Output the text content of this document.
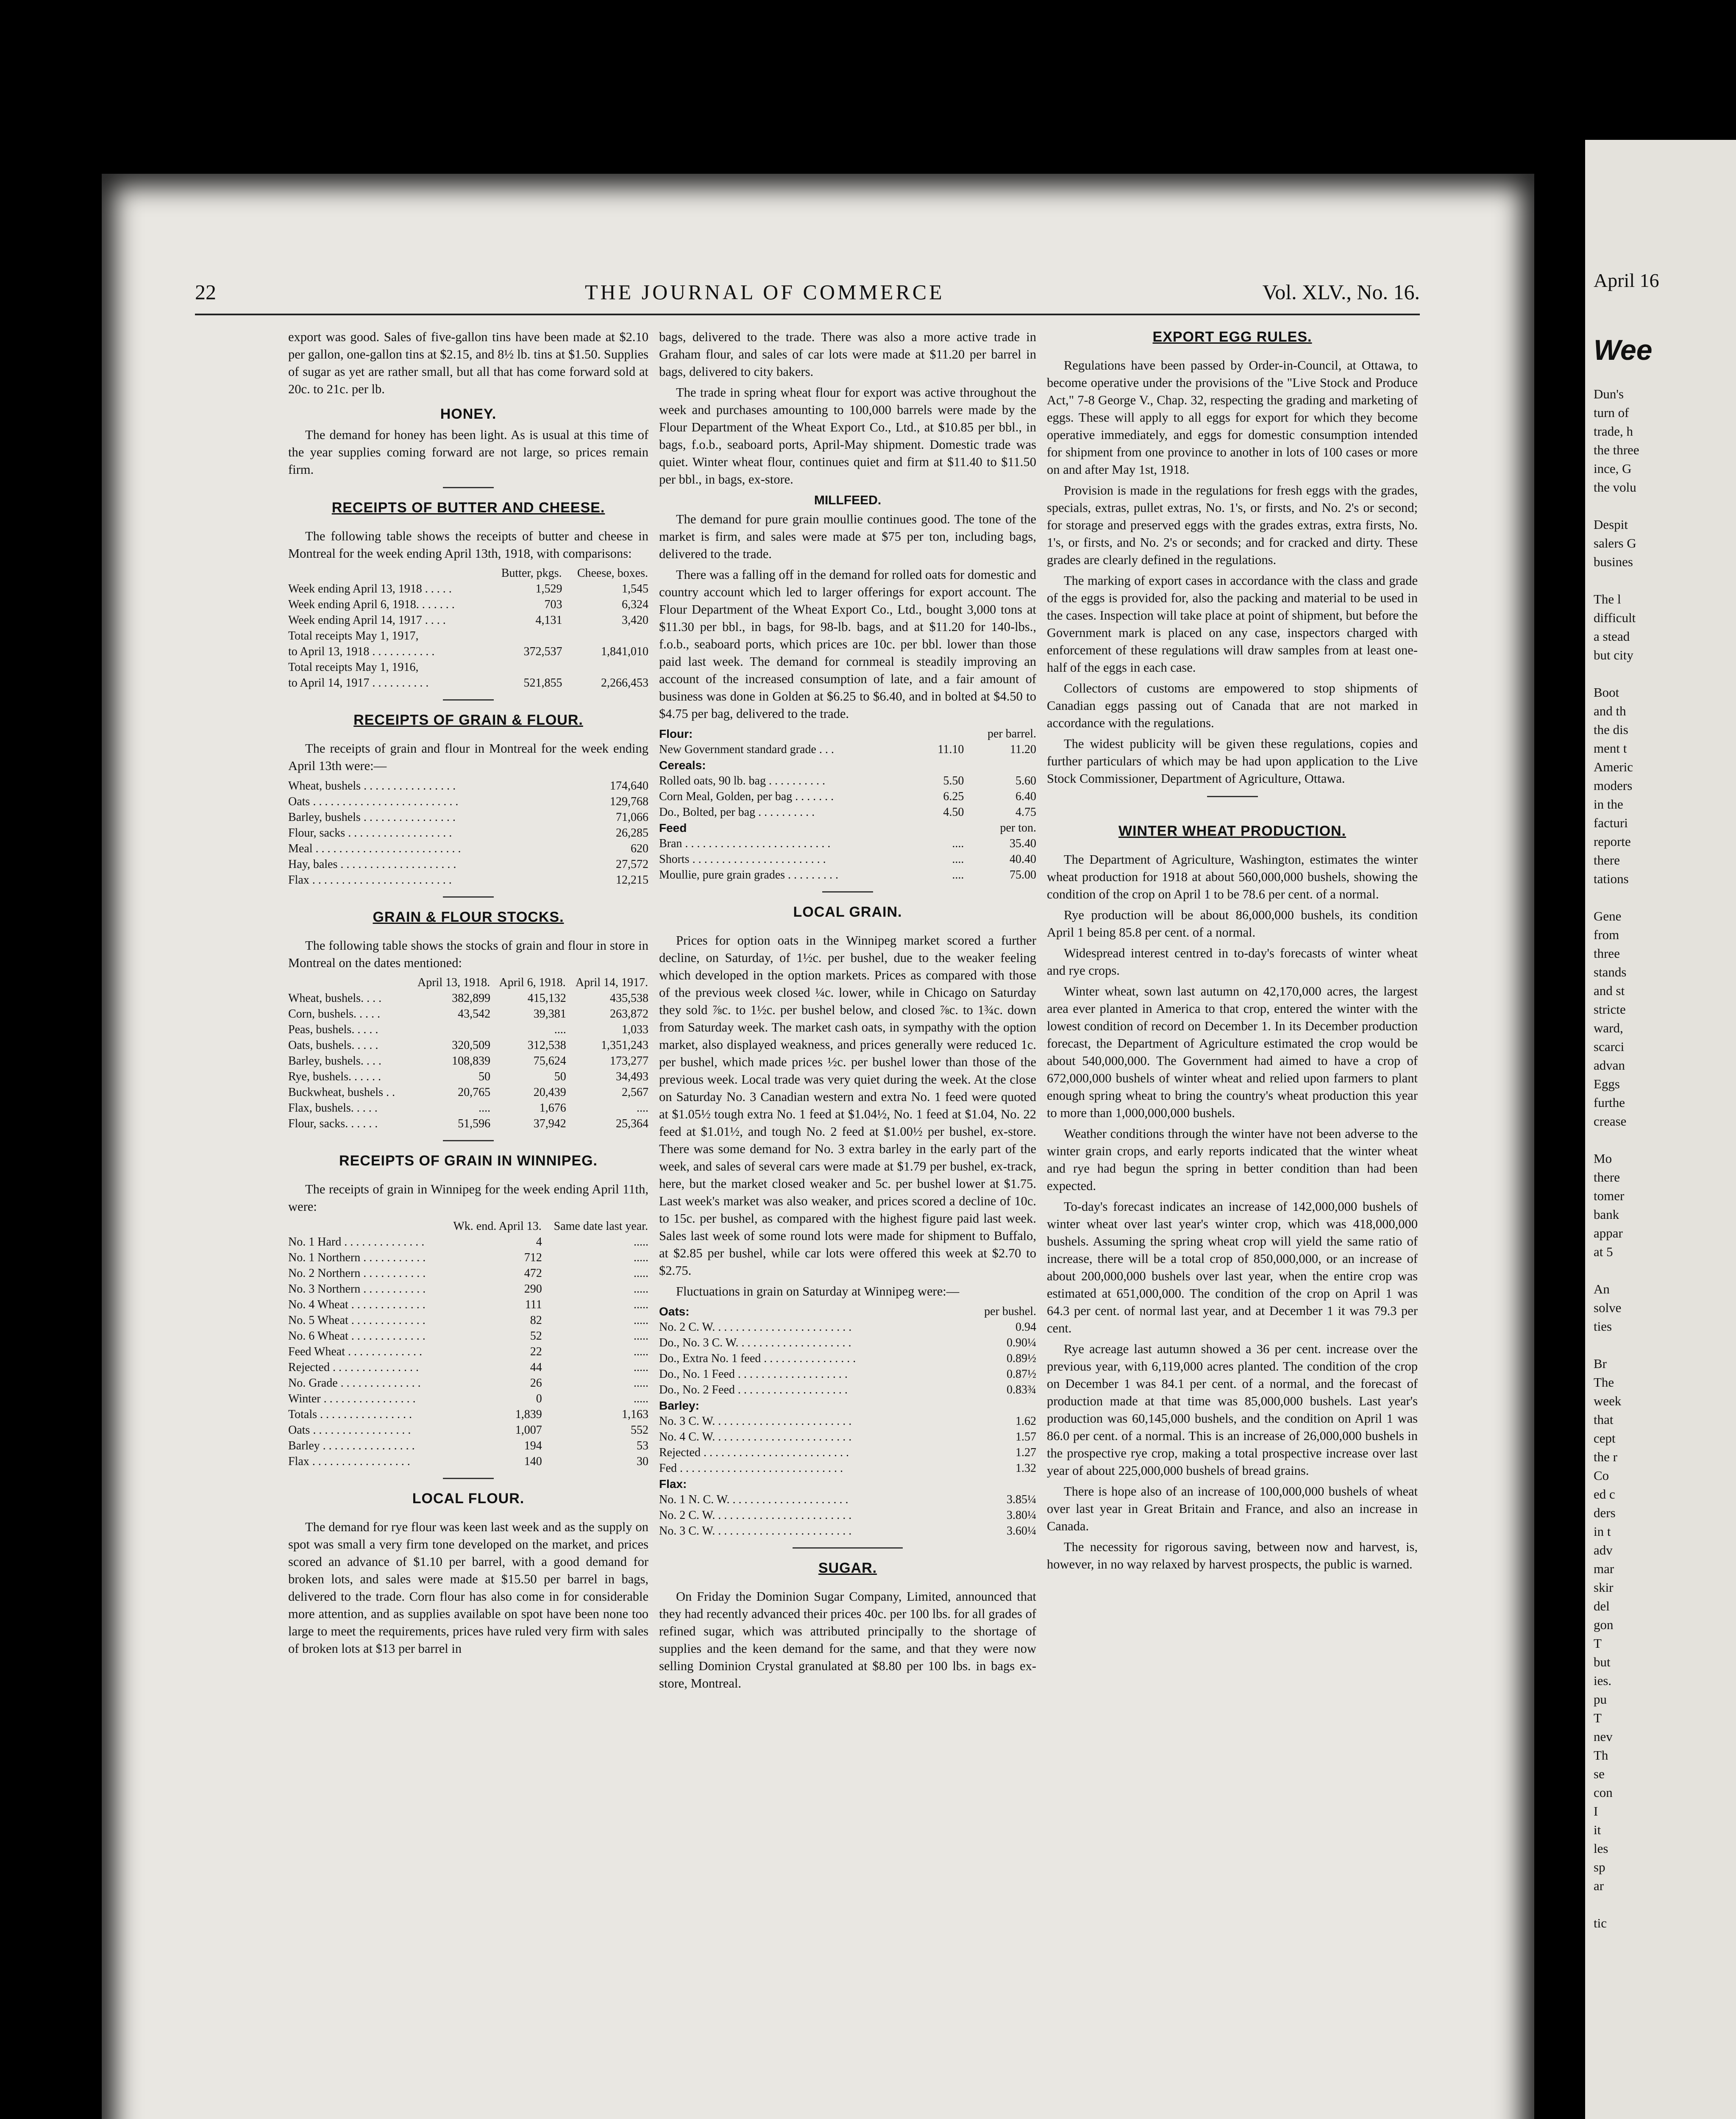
22	THE JOURNAL OF COMMERCE	Vol. XLV., No. 16.

export was good. Sales of five-gallon tins have been made at $2.10 per gallon, one-gallon tins at $2.15, and 8½ lb. tins at $1.50. Supplies of sugar as yet are rather small, but all that has come forward sold at 20c. to 21c. per lb.

HONEY.

The demand for honey has been light. As is usual at this time of the year supplies coming forward are not large, so prices remain firm.

RECEIPTS OF BUTTER AND CHEESE.

The following table shows the receipts of butter and cheese in Montreal for the week ending April 13th, 1918, with comparisons:

	Butter, pkgs.	Cheese, boxes.
Week ending April 13, 1918 . . . . .	1,529	1,545
Week ending April 6, 1918. . . . . . .	703	6,324
Week ending April 14, 1917 . . . .	4,131	3,420
Total receipts May 1, 1917,		
to April 13, 1918 . . . . . . . . . . .	372,537	1,841,010
Total receipts May 1, 1916,		
to April 14, 1917 . . . . . . . . . .	521,855	2,266,453
RECEIPTS OF GRAIN & FLOUR.

The receipts of grain and flour in Montreal for the week ending April 13th were:—

Wheat, bushels . . . . . . . . . . . . . . . .	174,640
Oats . . . . . . . . . . . . . . . . . . . . . . . . .	129,768
Barley, bushels . . . . . . . . . . . . . . . .	71,066
Flour, sacks . . . . . . . . . . . . . . . . . .	26,285
Meal . . . . . . . . . . . . . . . . . . . . . . . . .	620
Hay, bales . . . . . . . . . . . . . . . . . . . .	27,572
Flax . . . . . . . . . . . . . . . . . . . . . . . .	12,215
GRAIN & FLOUR STOCKS.

The following table shows the stocks of grain and flour in store in Montreal on the dates mentioned:

	April 13, 1918.	April 6, 1918.	April 14, 1917.
Wheat, bushels. . . .	382,899	415,132	435,538
Corn, bushels. . . . .	43,542	39,381	263,872
Peas, bushels. . . . .		....	1,033
Oats, bushels. . . . .	320,509	312,538	1,351,243
Barley, bushels. . . .	108,839	75,624	173,277
Rye, bushels. . . . . .	50	50	34,493
Buckwheat, bushels . .	20,765	20,439	2,567
Flax, bushels. . . . .	....	1,676	....
Flour, sacks. . . . . .	51,596	37,942	25,364
RECEIPTS OF GRAIN IN WINNIPEG.

The receipts of grain in Winnipeg for the week ending April 11th, were:

	Wk. end. April 13.	Same date last year.
No. 1 Hard . . . . . . . . . . . . . .	4	.....
No. 1 Northern . . . . . . . . . . .	712	.....
No. 2 Northern . . . . . . . . . . .	472	.....
No. 3 Northern . . . . . . . . . . .	290	.....
No. 4 Wheat . . . . . . . . . . . . .	111	.....
No. 5 Wheat . . . . . . . . . . . . .	82	.....
No. 6 Wheat . . . . . . . . . . . . .	52	.....
Feed Wheat . . . . . . . . . . . . .	22	.....
Rejected . . . . . . . . . . . . . . .	44	.....
No. Grade . . . . . . . . . . . . . .	26	.....
Winter . . . . . . . . . . . . . . . .	0	.....
Totals . . . . . . . . . . . . . . . .	1,839	1,163
Oats . . . . . . . . . . . . . . . . .	1,007	552
Barley . . . . . . . . . . . . . . . .	194	53
Flax . . . . . . . . . . . . . . . . .	140	30
LOCAL FLOUR.

The demand for rye flour was keen last week and as the supply on spot was small a very firm tone developed on the market, and prices scored an advance of $1.10 per barrel, with a good demand for broken lots, and sales were made at $15.50 per barrel in bags, delivered to the trade. Corn flour has also come in for considerable more attention, and as supplies available on spot have been none too large to meet the requirements, prices have ruled very firm with sales of broken lots at $13 per barrel in

bags, delivered to the trade. There was also a more active trade in Graham flour, and sales of car lots were made at $11.20 per barrel in bags, delivered to city bakers.

The trade in spring wheat flour for export was active throughout the week and purchases amounting to 100,000 barrels were made by the Flour Department of the Wheat Export Co., Ltd., at $10.85 per bbl., in bags, f.o.b., seaboard ports, April-May shipment. Domestic trade was quiet. Winter wheat flour, continues quiet and firm at $11.40 to $11.50 per bbl., in bags, ex-store.

MILLFEED.

The demand for pure grain moullie continues good. The tone of the market is firm, and sales were made at $75 per ton, including bags, delivered to the trade.

There was a falling off in the demand for rolled oats for domestic and country account which led to larger offerings for export account. The Flour Department of the Wheat Export Co., Ltd., bought 3,000 tons at $11.30 per bbl., in bags, for 98-lb. bags, and at $11.20 for 140-lbs., f.o.b., seaboard ports, which prices are 10c. per bbl. lower than those paid last week. The demand for cornmeal is steadily improving an account of the increased consumption of late, and a fair amount of business was done in Golden at $6.25 to $6.40, and in bolted at $4.50 to $4.75 per bag, delivered to the trade.

Flour:		per barrel.
New Government standard grade . . .	11.10	11.20
Cereals:		
Rolled oats, 90 lb. bag . . . . . . . . . .	5.50	5.60
Corn Meal, Golden, per bag . . . . . . .	6.25	6.40
Do., Bolted, per bag . . . . . . . . . .	4.50	4.75
Feed		per ton.
Bran . . . . . . . . . . . . . . . . . . . . . . . . .	....	35.40
Shorts . . . . . . . . . . . . . . . . . . . . . . .	....	40.40
Moullie, pure grain grades . . . . . . . . .	....	75.00
LOCAL GRAIN.

Prices for option oats in the Winnipeg market scored a further decline, on Saturday, of 1½c. per bushel, due to the weaker feeling which developed in the option markets. Prices as compared with those of the previous week closed ¼c. lower, while in Chicago on Saturday they sold ⅞c. to 1½c. per bushel below, and closed ⅞c. to 1¾c. down from Saturday week. The market cash oats, in sympathy with the option market, also displayed weakness, and prices generally were reduced 1c. per bushel, which made prices ½c. per bushel lower than those of the previous week. Local trade was very quiet during the week. At the close on Saturday No. 3 Canadian western and extra No. 1 feed were quoted at $1.05½ tough extra No. 1 feed at $1.04½, No. 1 feed at $1.04, No. 22 feed at $1.01½, and tough No. 2 feed at $1.00½ per bushel, ex-store. There was some demand for No. 3 extra barley in the early part of the week, and sales of several cars were made at $1.79 per bushel, ex-track, here, but the market closed weaker and 5c. per bushel lower at $1.75. Last week's market was also weaker, and prices scored a decline of 10c. to 15c. per bushel, as compared with the highest figure paid last week. Sales last week of some round lots were made for shipment to Buffalo, at $2.85 per bushel, while car lots were offered this week at $2.70 to $2.75.

Fluctuations in grain on Saturday at Winnipeg were:—

Oats:	per bushel.
No. 2 C. W. . . . . . . . . . . . . . . . . . . . . . . .	0.94
Do., No. 3 C. W. . . . . . . . . . . . . . . . . . . .	0.90¼
Do., Extra No. 1 feed . . . . . . . . . . . . . . . .	0.89½
Do., No. 1 Feed . . . . . . . . . . . . . . . . . . .	0.87½
Do., No. 2 Feed . . . . . . . . . . . . . . . . . . .	0.83¾
Barley:	
No. 3 C. W. . . . . . . . . . . . . . . . . . . . . . . .	1.62
No. 4 C. W. . . . . . . . . . . . . . . . . . . . . . . .	1.57
Rejected . . . . . . . . . . . . . . . . . . . . . . . . .	1.27
Fed . . . . . . . . . . . . . . . . . . . . . . . . . . . .	1.32
Flax:	
No. 1 N. C. W. . . . . . . . . . . . . . . . . . . . .	3.85¼
No. 2 C. W. . . . . . . . . . . . . . . . . . . . . . . .	3.80¼
No. 3 C. W. . . . . . . . . . . . . . . . . . . . . . . .	3.60¼
SUGAR.

On Friday the Dominion Sugar Company, Limited, announced that they had recently advanced their prices 40c. per 100 lbs. for all grades of refined sugar, which was attributed principally to the shortage of supplies and the keen demand for the same, and that they were now selling Dominion Crystal granulated at $8.80 per 100 lbs. in bags ex-store, Montreal.

EXPORT EGG RULES.

Regulations have been passed by Order-in-Council, at Ottawa, to become operative under the provisions of the "Live Stock and Produce Act," 7-8 George V., Chap. 32, respecting the grading and marketing of eggs. These will apply to all eggs for export for which they become operative immediately, and eggs for domestic consumption intended for shipment from one province to another in lots of 100 cases or more on and after May 1st, 1918.

Provision is made in the regulations for fresh eggs with the grades, specials, extras, pullet extras, No. 1's, or firsts, and No. 2's or second; for storage and preserved eggs with the grades extras, extra firsts, No. 1's, or firsts, and No. 2's or seconds; and for cracked and dirty. These grades are clearly defined in the regulations.

The marking of export cases in accordance with the class and grade of the eggs is provided for, also the packing and material to be used in the cases. Inspection will take place at point of shipment, but before the Government mark is placed on any case, inspectors charged with enforcement of these regulations will draw samples from at least one-half of the eggs in each case.

Collectors of customs are empowered to stop shipments of Canadian eggs passing out of Canada that are not marked in accordance with the regulations.

The widest publicity will be given these regulations, copies and further particulars of which may be had upon application to the Live Stock Commissioner, Department of Agriculture, Ottawa.

WINTER WHEAT PRODUCTION.

The Department of Agriculture, Washington, estimates the winter wheat production for 1918 at about 560,000,000 bushels, showing the condition of the crop on April 1 to be 78.6 per cent. of a normal.

Rye production will be about 86,000,000 bushels, its condition April 1 being 85.8 per cent. of a normal.

Widespread interest centred in to-day's forecasts of winter wheat and rye crops.

Winter wheat, sown last autumn on 42,170,000 acres, the largest area ever planted in America to that crop, entered the winter with the lowest condition of record on December 1. In its December production forecast, the Department of Agriculture estimated the crop would be about 540,000,000. The Government had aimed to have a crop of 672,000,000 bushels of winter wheat and relied upon farmers to plant enough spring wheat to bring the country's wheat production this year to more than 1,000,000,000 bushels.

Weather conditions through the winter have not been adverse to the winter grain crops, and early reports indicated that the winter wheat and rye had begun the spring in better condition than had been expected.

To-day's forecast indicates an increase of 142,000,000 bushels of winter wheat over last year's winter crop, which was 418,000,000 bushels. Assuming the spring wheat crop will yield the same ratio of increase, there will be a total crop of 850,000,000, or an increase of about 200,000,000 bushels over last year, when the entire crop was estimated at 651,000,000. The condition of the crop on April 1 was 64.3 per cent. of normal last year, and at December 1 it was 79.3 per cent.

Rye acreage last autumn showed a 36 per cent. increase over the previous year, with 6,119,000 acres planted. The condition of the crop on December 1 was 84.1 per cent. of a normal, and the forecast of production made at that time was 85,000,000 bushels. Last year's production was 60,145,000 bushels, and the condition on April 1 was 86.0 per cent. of a normal. This is an increase of 26,000,000 bushels in the prospective rye crop, making a total prospective increase over last year of about 225,000,000 bushels of bread grains.

There is hope also of an increase of 100,000,000 bushels of wheat over last year in Great Britain and France, and also an increase in Canada.

The necessity for rigorous saving, between now and harvest, is, however, in no way relaxed by harvest prospects, the public is warned.

April 16
Wee
Dun's
turn of
trade, h
the three
ince, G
the volu

Despit
salers G
busines

The l
difficult
a stead
but city

Boot
and th
the dis
ment t
Americ
moders
in the
facturi
reporte
there
tations

Gene
from
three
stands
and st
stricte
ward,
scarci
advan
Eggs
furthe
crease

Mo
there
tomer
bank
appar
at 5

An
solve
ties

Br
The
week
that
cept
the r
Co
ed c
ders
in t
adv
mar
skir
del
gon
T
but
ies.
pu
T
nev
Th
se
con
I
it
les
sp
ar

tic
